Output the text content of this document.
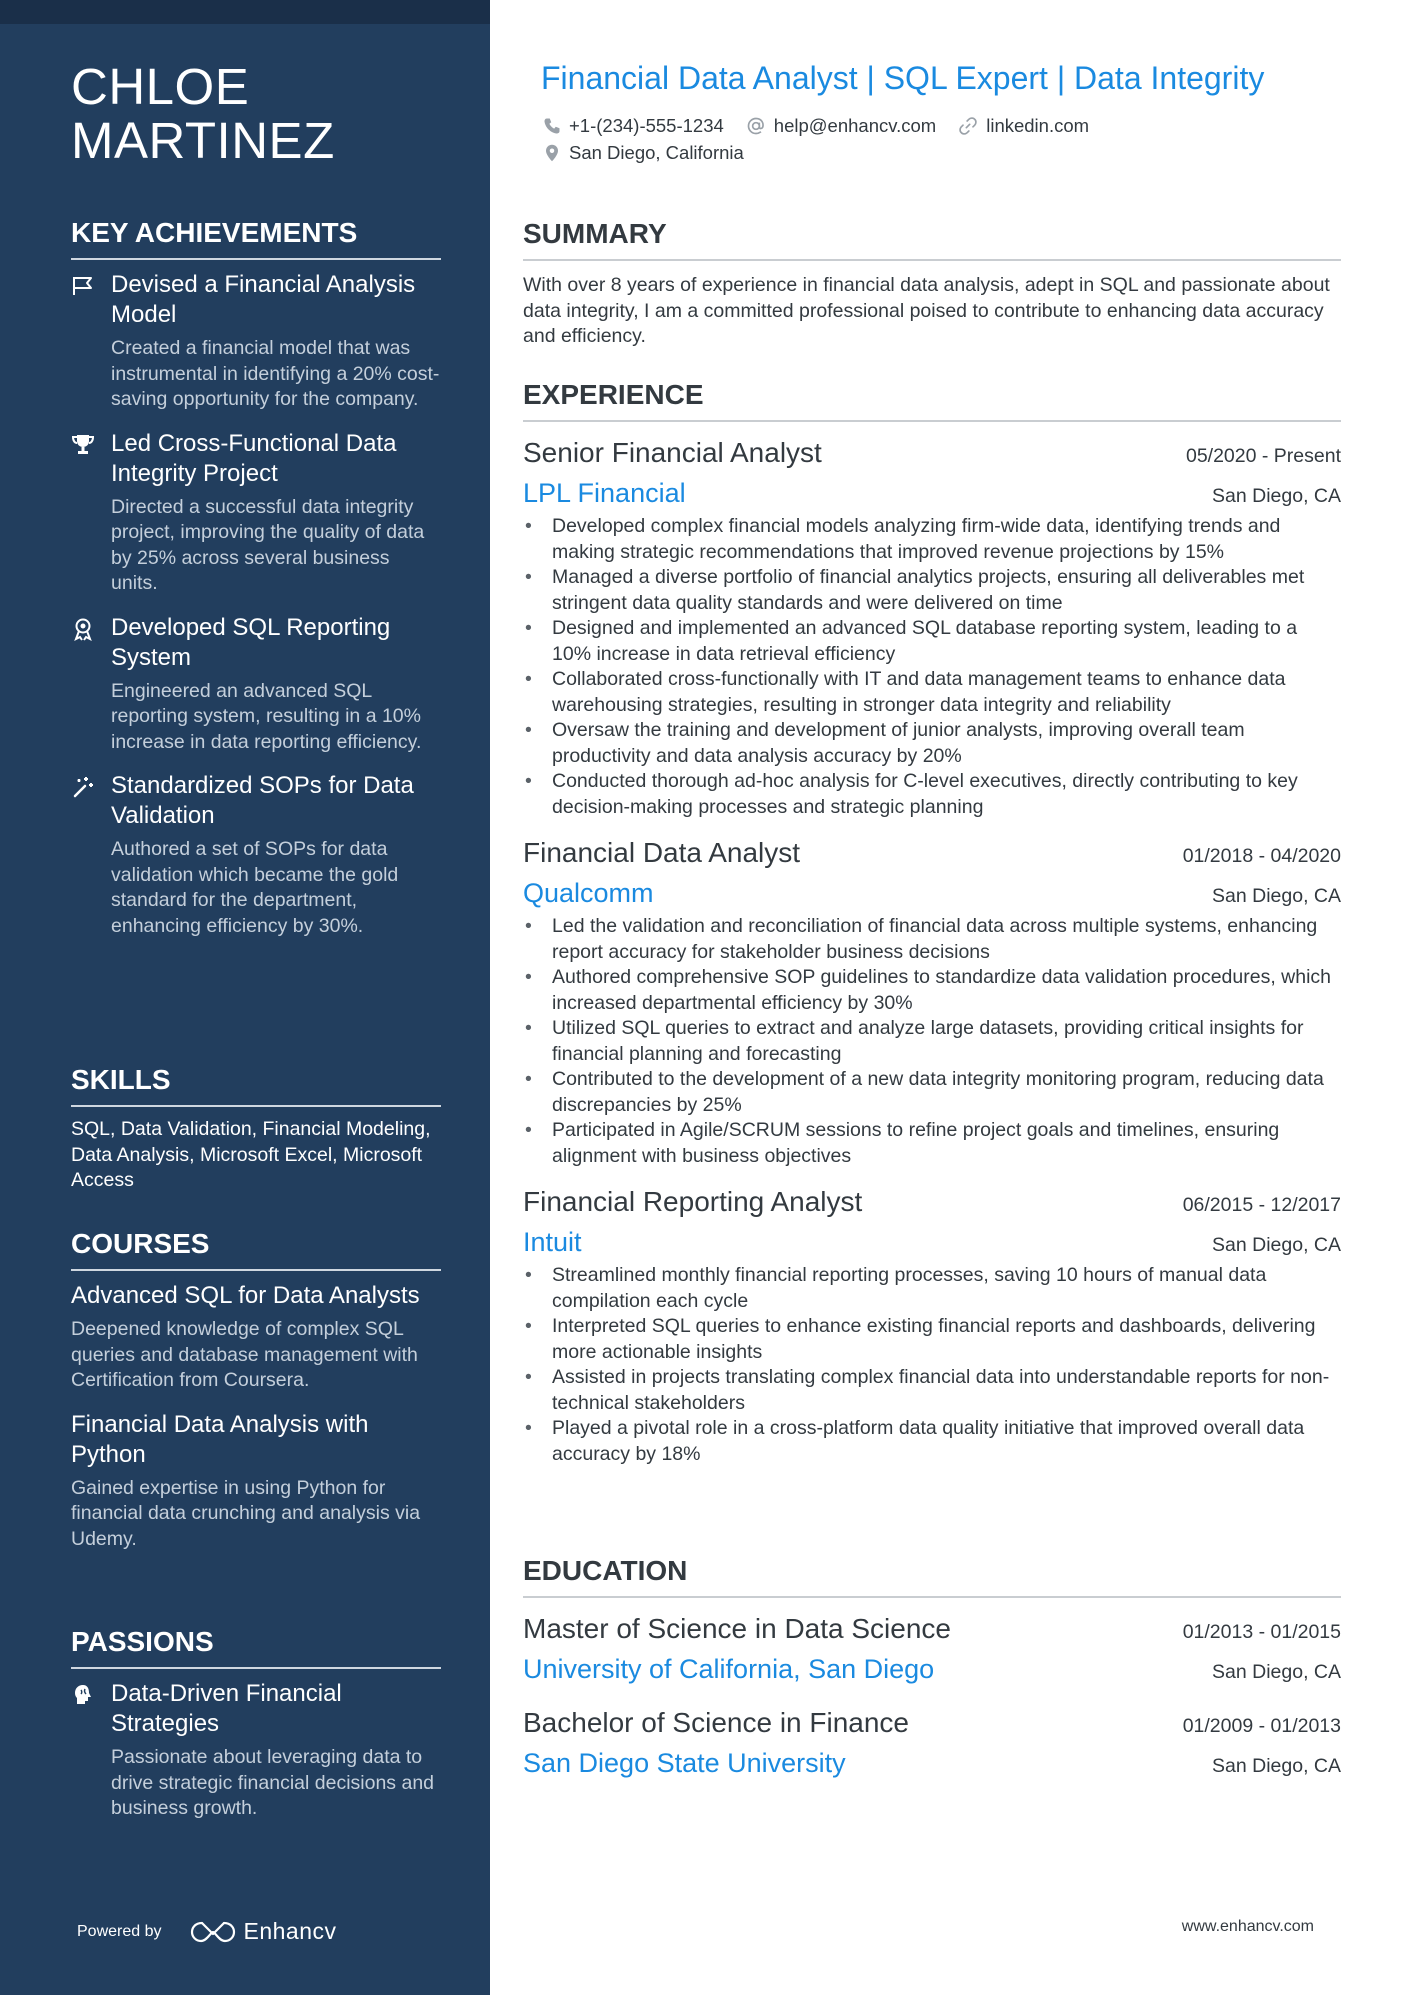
CHLOE
MARTINEZ
KEY ACHIEVEMENTS
Devised a Financial Analysis Model
Created a financial model that was instrumental in identifying a 20% cost-saving opportunity for the company.
Led Cross-Functional Data Integrity Project
Directed a successful data integrity project, improving the quality of data by 25% across several business units.
Developed SQL Reporting System
Engineered an advanced SQL reporting system, resulting in a 10% increase in data reporting efficiency.
Standardized SOPs for Data Validation
Authored a set of SOPs for data validation which became the gold standard for the department, enhancing efficiency by 30%.
SKILLS
SQL, Data Validation, Financial Modeling, Data Analysis, Microsoft Excel, Microsoft Access
COURSES
Advanced SQL for Data Analysts
Deepened knowledge of complex SQL queries and database management with Certification from Coursera.
Financial Data Analysis with Python
Gained expertise in using Python for financial data crunching and analysis via Udemy.
PASSIONS
Data-Driven Financial Strategies
Passionate about leveraging data to drive strategic financial decisions and business growth.
Powered by	Enhancv
Financial Data Analyst | SQL Expert | Data Integrity
+1-(234)-555-1234	help@enhancv.com	linkedin.com
San Diego, California
SUMMARY

With over 8 years of experience in financial data analysis, adept in SQL and passionate about data integrity, I am a committed professional poised to contribute to enhancing data accuracy and efficiency.

EXPERIENCE
Senior Financial Analyst	05/2020 - Present
LPL Financial	San Diego, CA
• Developed complex financial models analyzing firm-wide data, identifying trends and making strategic recommendations that improved revenue projections by 15%
• Managed a diverse portfolio of financial analytics projects, ensuring all deliverables met stringent data quality standards and were delivered on time
• Designed and implemented an advanced SQL database reporting system, leading to a 10% increase in data retrieval efficiency
• Collaborated cross-functionally with IT and data management teams to enhance data warehousing strategies, resulting in stronger data integrity and reliability
• Oversaw the training and development of junior analysts, improving overall team productivity and data analysis accuracy by 20%
• Conducted thorough ad-hoc analysis for C-level executives, directly contributing to key decision-making processes and strategic planning
Financial Data Analyst	01/2018 - 04/2020
Qualcomm	San Diego, CA
• Led the validation and reconciliation of financial data across multiple systems, enhancing report accuracy for stakeholder business decisions
• Authored comprehensive SOP guidelines to standardize data validation procedures, which increased departmental efficiency by 30%
• Utilized SQL queries to extract and analyze large datasets, providing critical insights for financial planning and forecasting
• Contributed to the development of a new data integrity monitoring program, reducing data discrepancies by 25%
• Participated in Agile/SCRUM sessions to refine project goals and timelines, ensuring alignment with business objectives
Financial Reporting Analyst	06/2015 - 12/2017
Intuit	San Diego, CA
• Streamlined monthly financial reporting processes, saving 10 hours of manual data compilation each cycle
• Interpreted SQL queries to enhance existing financial reports and dashboards, delivering more actionable insights
• Assisted in projects translating complex financial data into understandable reports for non-technical stakeholders
• Played a pivotal role in a cross-platform data quality initiative that improved overall data accuracy by 18%
EDUCATION
Master of Science in Data Science	01/2013 - 01/2015
University of California, San Diego	San Diego, CA
Bachelor of Science in Finance	01/2009 - 01/2013
San Diego State University	San Diego, CA
www.enhancv.com
